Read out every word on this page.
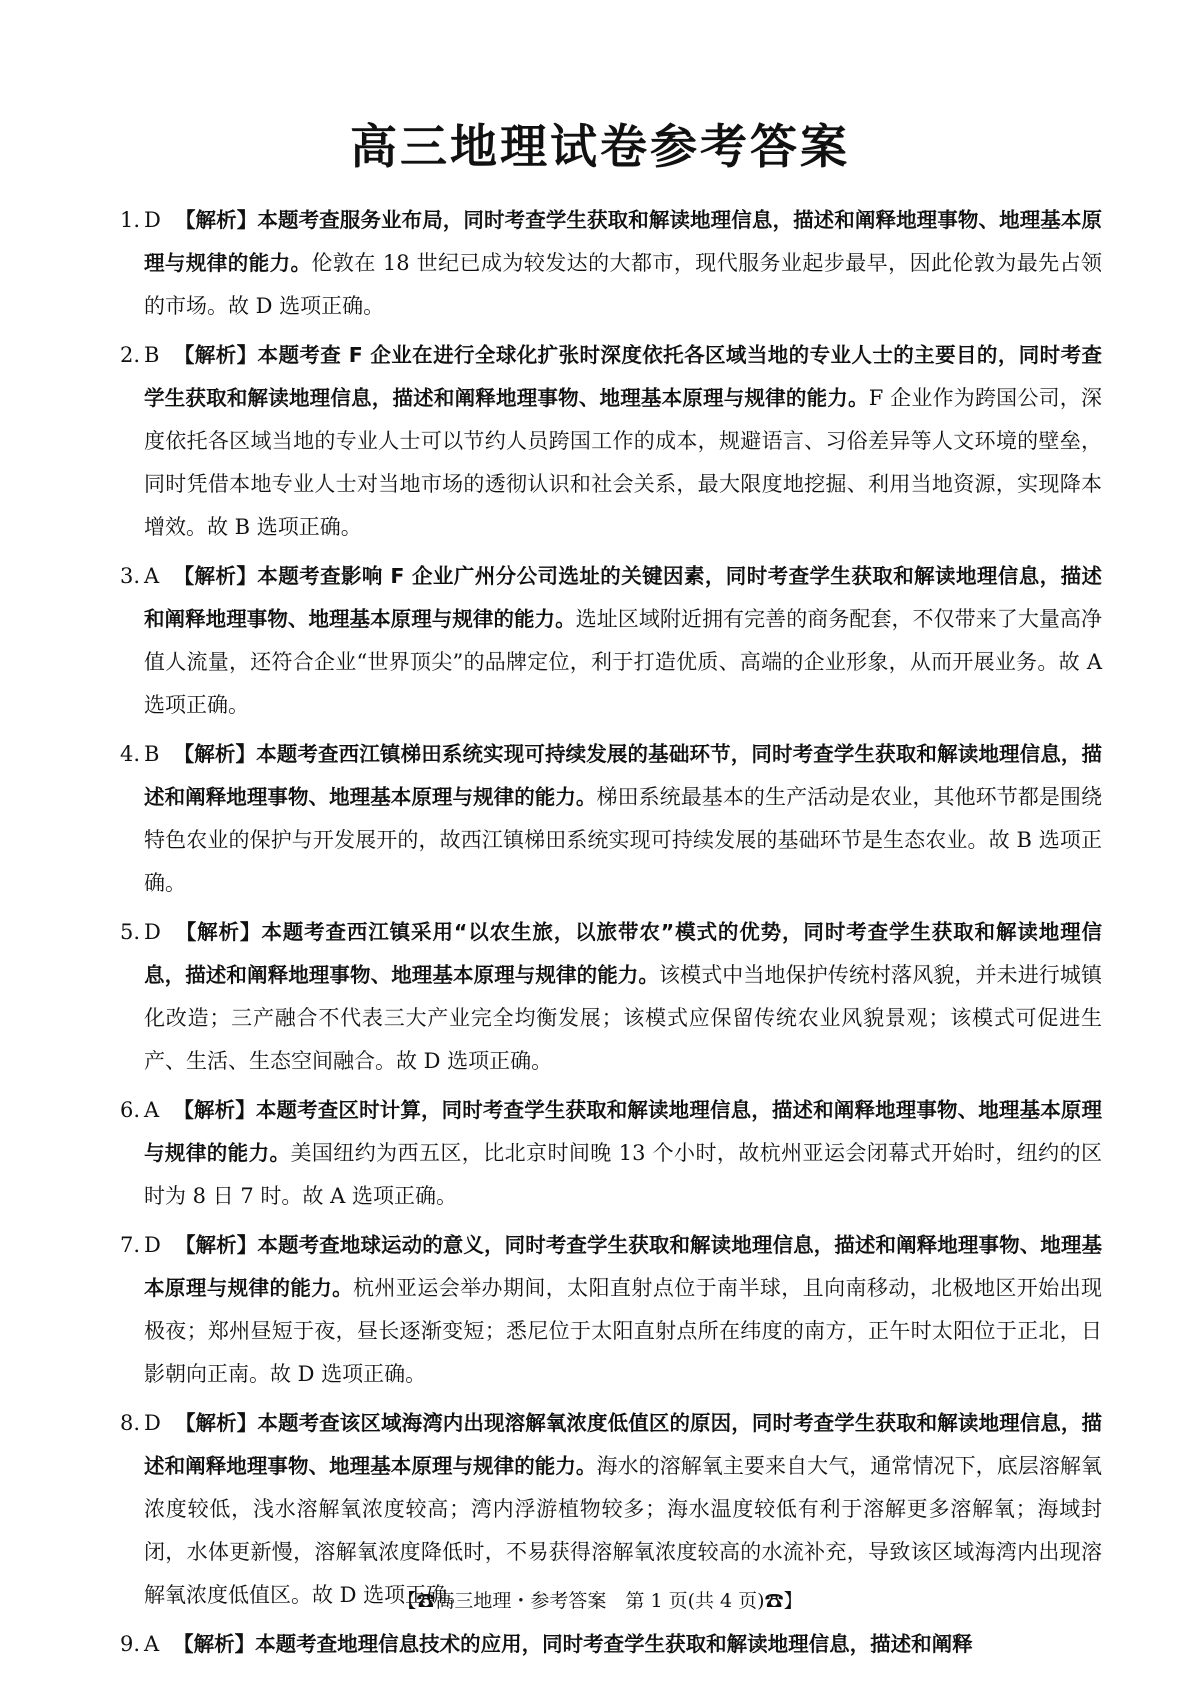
高三地理试卷参考答案
1. D 【解析】本题考查服务业布局，同时考查学生获取和解读地理信息，描述和阐释地理事物、地理基本原理与规律的能力。伦敦在 18 世纪已成为较发达的大都市，现代服务业起步最早，因此伦敦为最先占领的市场。故 D 选项正确。
2. B 【解析】本题考查 F 企业在进行全球化扩张时深度依托各区域当地的专业人士的主要目的，同时考查学生获取和解读地理信息，描述和阐释地理事物、地理基本原理与规律的能力。F 企业作为跨国公司，深度依托各区域当地的专业人士可以节约人员跨国工作的成本，规避语言、习俗差异等人文环境的壁垒，同时凭借本地专业人士对当地市场的透彻认识和社会关系，最大限度地挖掘、利用当地资源，实现降本增效。故 B 选项正确。
3. A 【解析】本题考查影响 F 企业广州分公司选址的关键因素，同时考查学生获取和解读地理信息，描述和阐释地理事物、地理基本原理与规律的能力。选址区域附近拥有完善的商务配套，不仅带来了大量高净值人流量，还符合企业“世界顶尖”的品牌定位，利于打造优质、高端的企业形象，从而开展业务。故 A 选项正确。
4. B 【解析】本题考查西江镇梯田系统实现可持续发展的基础环节，同时考查学生获取和解读地理信息，描述和阐释地理事物、地理基本原理与规律的能力。梯田系统最基本的生产活动是农业，其他环节都是围绕特色农业的保护与开发展开的，故西江镇梯田系统实现可持续发展的基础环节是生态农业。故 B 选项正确。
5. D 【解析】本题考查西江镇采用“以农生旅，以旅带农”模式的优势，同时考查学生获取和解读地理信息，描述和阐释地理事物、地理基本原理与规律的能力。该模式中当地保护传统村落风貌，并未进行城镇化改造；三产融合不代表三大产业完全均衡发展；该模式应保留传统农业风貌景观；该模式可促进生产、生活、生态空间融合。故 D 选项正确。
6. A 【解析】本题考查区时计算，同时考查学生获取和解读地理信息，描述和阐释地理事物、地理基本原理与规律的能力。美国纽约为西五区，比北京时间晚 13 个小时，故杭州亚运会闭幕式开始时，纽约的区时为 8 日 7 时。故 A 选项正确。
7. D 【解析】本题考查地球运动的意义，同时考查学生获取和解读地理信息，描述和阐释地理事物、地理基本原理与规律的能力。杭州亚运会举办期间，太阳直射点位于南半球，且向南移动，北极地区开始出现极夜；郑州昼短于夜，昼长逐渐变短；悉尼位于太阳直射点所在纬度的南方，正午时太阳位于正北，日影朝向正南。故 D 选项正确。
8. D 【解析】本题考查该区域海湾内出现溶解氧浓度低值区的原因，同时考查学生获取和解读地理信息，描述和阐释地理事物、地理基本原理与规律的能力。海水的溶解氧主要来自大气，通常情况下，底层溶解氧浓度较低，浅水溶解氧浓度较高；湾内浮游植物较多；海水温度较低有利于溶解更多溶解氧；海域封闭，水体更新慢，溶解氧浓度降低时，不易获得溶解氧浓度较高的水流补充，导致该区域海湾内出现溶解氧浓度低值区。故 D 选项正确。
9. A 【解析】本题考查地理信息技术的应用，同时考查学生获取和解读地理信息，描述和阐释
【☎高三地理・参考答案　第 1 页(共 4 页)☎】
